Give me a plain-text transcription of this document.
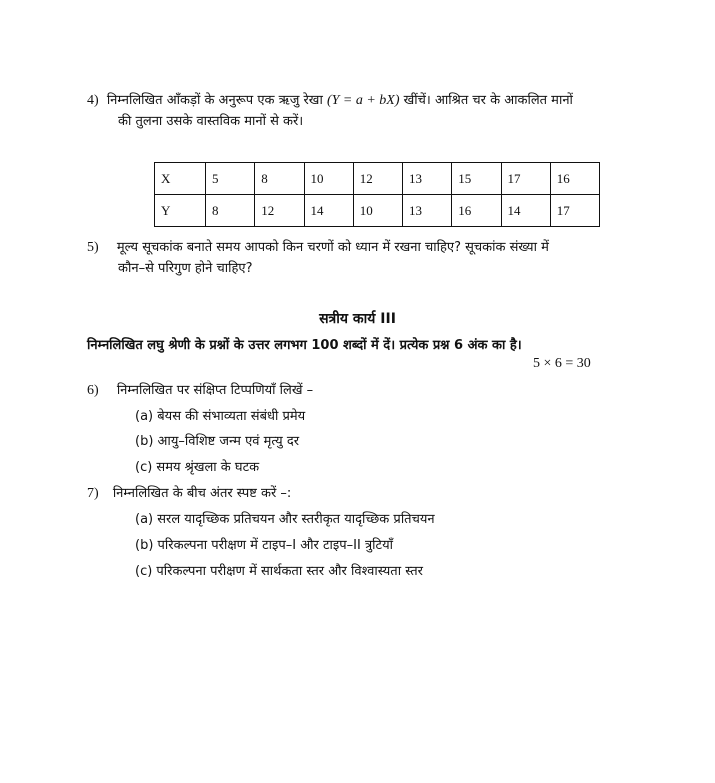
4) निम्नलिखित आँकड़ों के अनुरूप एक ऋजु रेखा (Y = a + bX) खींचें। आश्रित चर के आकलित मानों
की तुलना उसके वास्तविक मानों से करें।
X	5	8	10	12	13	15	17	16
Y	8	12	14	10	13	16	14	17
5) मूल्य सूचकांक बनाते समय आपको किन चरणों को ध्यान में रखना चाहिए? सूचकांक संख्या में
कौन–से परिगुण होने चाहिए?
सत्रीय कार्य III
निम्नलिखित लघु श्रेणी के प्रश्नों के उत्तर लगभग 100 शब्दों में दें। प्रत्येक प्रश्न 6 अंक का है।
5 × 6 = 30
6) निम्नलिखित पर संक्षिप्त टिप्पणियाँ लिखें –
(a) बेयस की संभाव्यता संबंधी प्रमेय
(b) आयु–विशिष्ट जन्म एवं मृत्यु दर
(c) समय श्रृंखला के घटक
7) निम्नलिखित के बीच अंतर स्पष्ट करें –:
(a) सरल यादृच्छिक प्रतिचयन और स्तरीकृत यादृच्छिक प्रतिचयन
(b) परिकल्पना परीक्षण में टाइप–I और टाइप–II त्रुटियाँ
(c) परिकल्पना परीक्षण में सार्थकता स्तर और विश्वास्यता स्तर
